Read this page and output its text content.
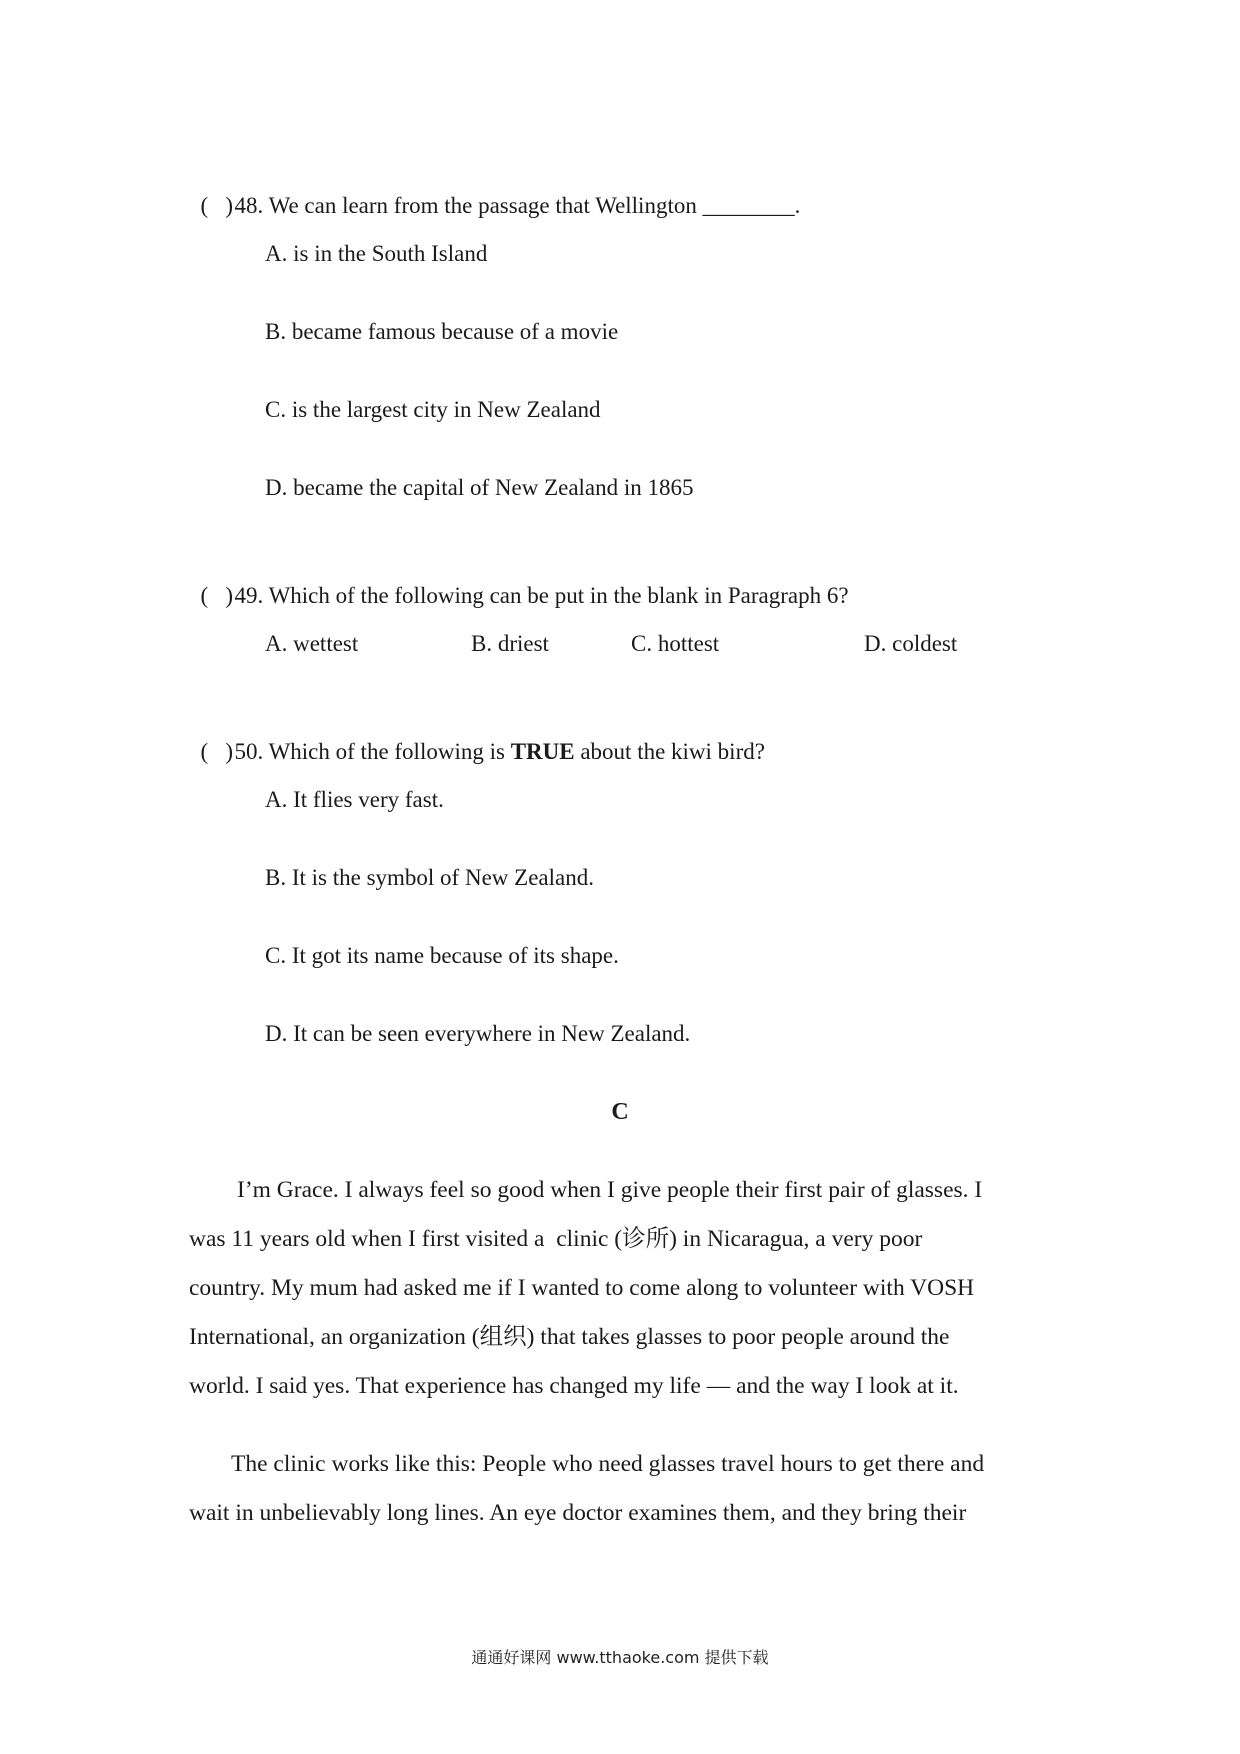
(   )48. We can learn from the passage that Wellington ________.

A. is in the South Island
B. became famous because of a movie
C. is the largest city in New Zealand
D. became the capital of New Zealand in 1865

(   )49. Which of the following can be put in the blank in Paragraph 6?

A. wettest

	B. driest

	C. hottest

	D. coldest

(   )50. Which of the following is TRUE about the kiwi bird?

A. It flies very fast.
B. It is the symbol of New Zealand.
C. It got its name because of its shape.
D. It can be seen everywhere in New Zealand.
C
I’m Grace. I always feel so good when I give people their first pair of glasses. I
was 11 years old when I first visited a  clinic (诊所) in Nicaragua, a very poor
country. My mum had asked me if I wanted to come along to volunteer with VOSH
International, an organization (组织) that takes glasses to poor people around the
world. I said yes. That experience has changed my life — and the way I look at it.
The clinic works like this: People who need glasses travel hours to get there and
wait in unbelievably long lines. An eye doctor examines them, and they bring their
通通好课网 www.tthaoke.com 提供下载
